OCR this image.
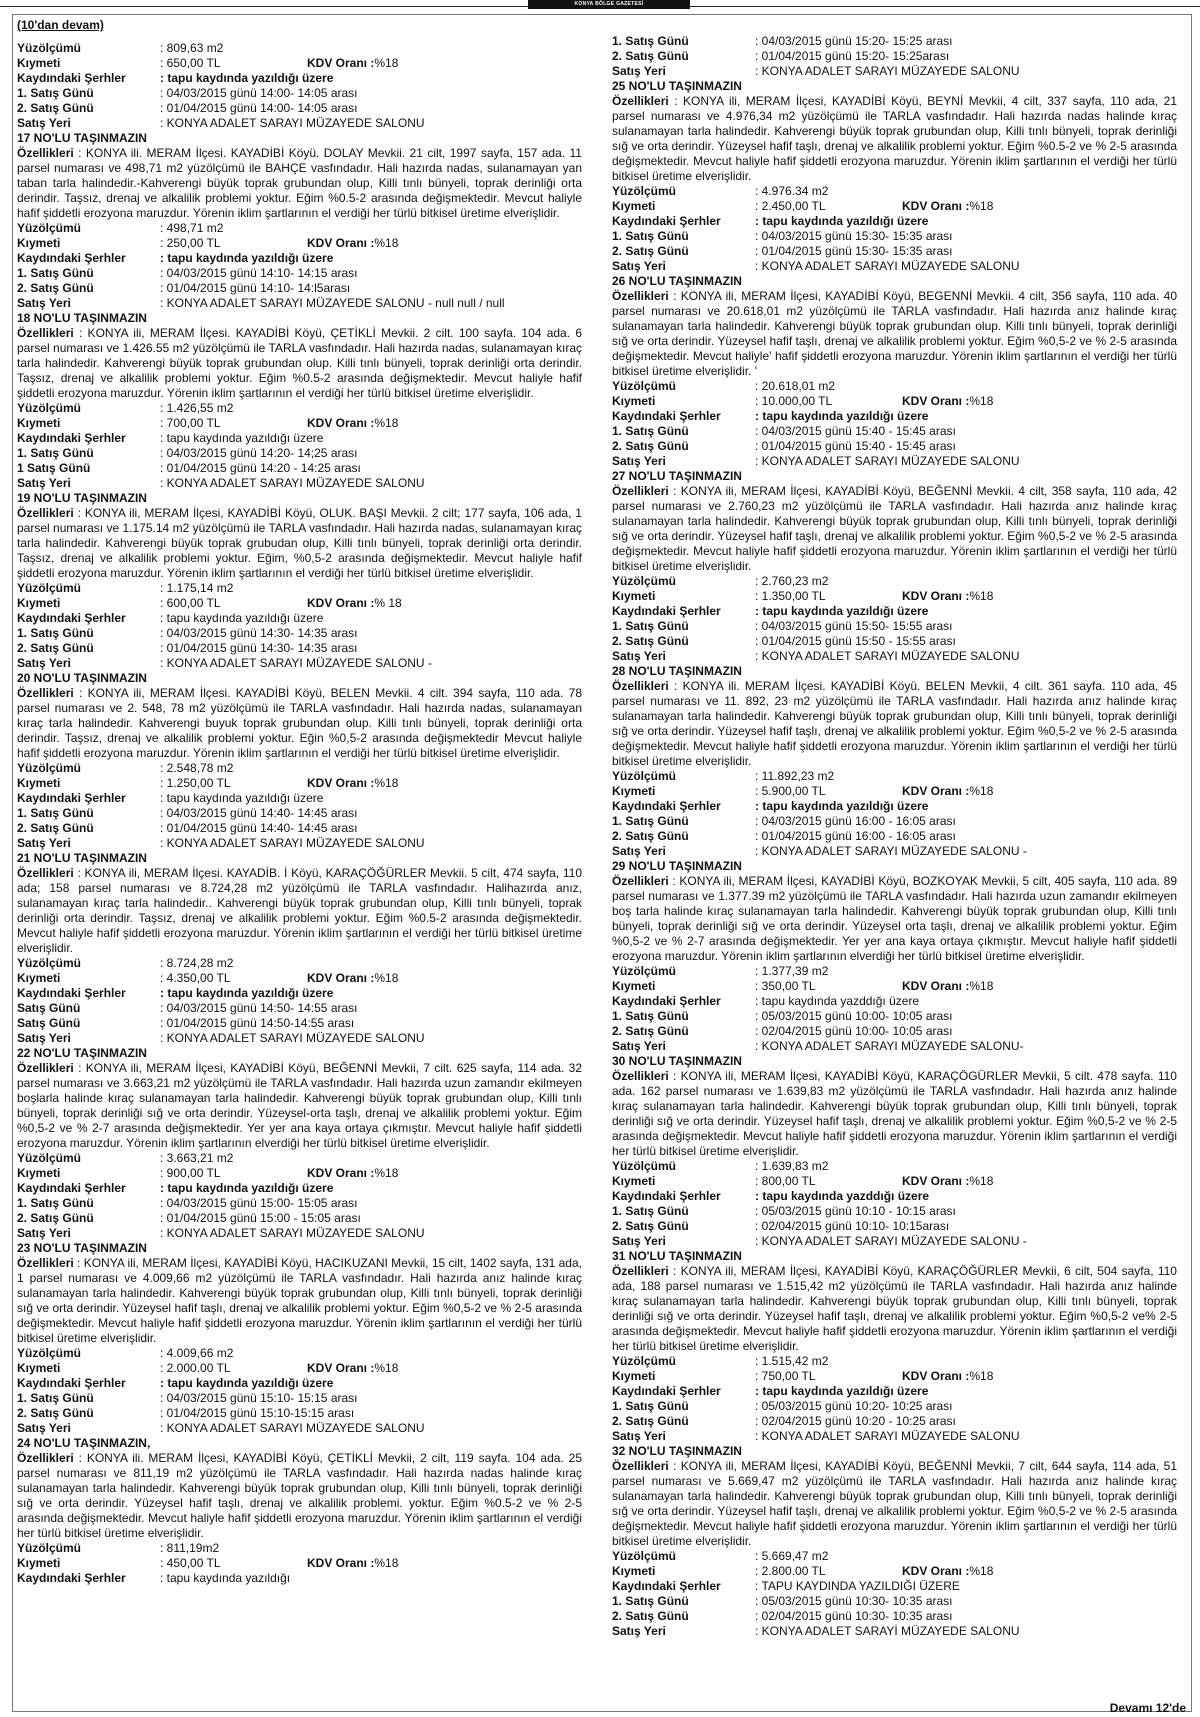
KONYA BÖLGE GAZETESİ
(10'dan devam)
Yüzölçümü	: 809,63 m2
Kıymeti	: 650,00 TL	KDV Oranı : %18
Kaydındaki Şerhler	: tapu kaydında yazıldığı üzere
1. Satış Günü	: 04/03/2015 günü 14:00- 14:05 arası
2. Satış Günü	: 01/04/2015 günü 14:00- 14:05 arası
Satış Yeri	: KONYA ADALET SARAYI MÜZAYEDE SALONU
17 NO'LU TAŞINMAZIN
Özellikleri : KONYA ili. MERAM İlçesi. KAYADİBİ Köyü. DOLAY Mevkii. 21 cilt, 1997 sayfa, 157 ada. 11 parsel numarası ve 498,71 m2 yüzölçümü ile BAHÇE vasfındadır. Hali hazırda nadas, sulanamayan yan taban tarla halindedir.-Kahverengi büyük toprak grubundan olup, Killi tınlı bünyeli, toprak derinliği orta derindir. Taşsız, drenaj ve alkalilik problemi yoktur. Eğim %0.5-2 arasında değişmektedir. Mevcut haliyle hafif şiddetli erozyona maruzdur. Yörenin iklim şartlarının el verdiği her türlü bitkisel üretime elverişlidir.
Yüzölçümü	: 498,71 m2
Kıymeti	: 250,00 TL	KDV Oranı : %18
Kaydındaki Şerhler	: tapu kaydında yazıldığı üzere
1. Satış Günü	: 04/03/2015 günü 14:10- 14:15 arası
2. Satış Günü	: 01/04/2015 günü 14:10- 14:l5arası
Satış Yeri	: KONYA ADALET SARAYI MÜZAYEDE SALONU - null null / null
18 NO'LU TAŞINMAZIN
Özellikleri : KONYA ili, MERAM İlçesi. KAYADİBİ Köyü, ÇETİKLİ Mevkii. 2 cilt. 100 sayfa. 104 ada. 6 parsel numarası ve 1.426.55 m2 yüzölçümü ile TARLA vasfındadır. Hali hazırda nadas, sulanamayan kıraç tarla halindedir. Kahverengi büyük toprak grubundan olup. Killi tınlı bünyeli, toprak derinliği orta derindir. Taşsız, drenaj ve alkalilik problemi yoktur. Eğim %0.5-2 arasında değişmektedir. Mevcut haliyle hafif şiddetli erozyona maruzdur. Yörenin iklim şartlarının el verdiği her türlü bitkisel üretime elverişlidir.
Yüzölçümü	: 1.426,55 m2
Kıymeti	: 700,00 TL	KDV Oranı : %18
Kaydındaki Şerhler	: tapu kaydında yazıldığı üzere
1. Satış Günü	: 04/03/2015 günü 14:20- 14;25 arası
1 Satış Günü	: 01/04/2015 günü 14:20 - 14:25 arası
Satış Yeri	: KONYA ADALET SARAYI MÜZAYEDE SALONU
19 NO'LU TAŞINMAZIN
Özellikleri : KONYA ili, MERAM İlçesi, KAYADİBİ Köyü, OLUK. BAŞI Mevkii. 2 cilt; 177 sayfa, 106 ada, 1 parsel numarası ve 1.175.14 m2 yüzölçümü ile TARLA vasfındadır. Hali hazırda nadas, sulanamayan kıraç tarla halindedir. Kahverengi büyük toprak grubudan olup, Killi tınlı bünyeli, toprak derinliği orta derindir. Taşsız, drenaj ve alkalilik problemi yoktur. Eğim, %0,5-2 arasında değişmektedir. Mevcut haliyle hafif şiddetli erozyona maruzdur. Yörenin iklim şartlarının el verdiği her türlü bitkisel üretime elverişlidir.
Yüzölçümü	: 1.175,14 m2
Kıymeti	: 600,00 TL	KDV Oranı : % 18
Kaydındaki Şerhler	: tapu kaydında yazıldığı üzere
1. Satış Günü	: 04/03/2015 günü 14:30- 14:35 arası
2. Satış Günü	: 01/04/2015 günü 14:30- 14:35 arası
Satış Yeri	: KONYA ADALET SARAYI MÜZAYEDE SALONU -
20 NO'LU TAŞINMAZIN
Özellikleri : KONYA ili, MERAM İlçesi. KAYADİBİ Köyü, BELEN Mevkii. 4 cilt. 394 sayfa, 110 ada. 78 parsel numarası ve 2. 548, 78 m2 yüzölçümü ile TARLA vasfındadır. Hali hazırda nadas, sulanamayan kıraç tarla halindedir. Kahverengi buyuk toprak grubundan olup. Killi tınlı bünyeli, toprak derinliği orta derindir. Taşsız, drenaj ve alkalilik problemi yoktur. Eğin %0,5-2 arasında değişmektedir Mevcut haliyle hafif şiddetli erozyona maruzdur. Yörenin iklim şartlarının el verdiği her türlü bitkisel üretime elverişlidir.
Yüzölçümü	: 2.548,78 m2
Kıymeti	: 1.250,00 TL	KDV Oranı : %18
Kaydındaki Şerhler	: tapu kaydında yazıldığı üzere
1. Satış Günü	: 04/03/2015 günü 14:40- 14:45 arası
2. Satış Günü	: 01/04/2015 günü 14:40- 14:45 arası
Satış Yeri	: KONYA ADALET SARAYI MÜZAYEDE SALONU
21 NO'LU TAŞINMAZIN
Özellikleri : KONYA ili, MERAM İlçesi. KAYADİB. İ Köyü, KARAÇÖĞÜRLER Mevkii. 5 cilt, 474 sayfa, 110 ada; 158 parsel numarası ve 8.724,28 m2 yüzölçümü ile TARLA vasfındadır. Halihazırda anız, sulanamayan kıraç tarla halindedir.. Kahverengi büyük toprak grubundan olup, Killi tınlı bünyeli, toprak derinliği orta derindir. Taşsız, drenaj ve alkalilik problemi yoktur. Eğim %0.5-2 arasında değişmektedir. Mevcut haliyle hafif şiddetli erozyona maruzdur. Yörenin iklim şartlarının el verdiği her türlü bitkisel üretime elverişlidir.
Yüzölçümü	: 8.724,28 m2
Kıymeti	: 4.350,00 TL	KDV Oranı : %18
Kaydındaki Şerhler	: tapu kaydında yazıldığı üzere
Satış Günü	: 04/03/2015 günü 14:50- 14:55 arası
Satış Günü	: 01/04/2015 günü 14:50-14:55 arası
Satış Yeri	: KONYA ADALET SARAYI MÜZAYEDE SALONU
22 NO'LU TAŞINMAZIN
Özellikleri : KONYA ili, MERAM İlçesi, KAYADİBİ Köyü, BEĞENNİ Mevkii, 7 cilt. 625 sayfa, 114 ada. 32 parsel numarası ve 3.663,21 m2 yüzölçümü ile TARLA vasfındadır. Hali hazırda uzun zamandır ekilmeyen boşlarla halinde kıraç sulanamayan tarla halindedir. Kahverengi büyük toprak grubundan olup, Killi tınlı bünyeli, toprak derinliği sığ ve orta derindir. Yüzeysel-orta taşlı, drenaj ve alkalilik problemi yoktur. Eğim %0,5-2 ve % 2-7 arasında değişmektedir. Yer yer ana kaya ortaya çıkmıştır. Mevcut haliyle hafif şiddetli erozyona maruzdur. Yörenin iklim şartlarının elverdiği her türlü bitkisel üretime elverişlidir.
Yüzölçümü	: 3.663,21 m2
Kıymeti	: 900,00 TL	KDV Oranı : %18
Kaydındaki Şerhler	: tapu kaydında yazıldığı üzere
1. Satış Günü	: 04/03/2015 günü 15:00- 15:05 arası
2. Satış Günü	: 01/04/2015 günü 15:00 - 15:05 arası
Satış Yeri	: KONYA ADALET SARAYI MÜZAYEDE SALONU
23 NO'LU TAŞINMAZIN
Özellikleri : KONYA ili, MERAM İlçesi, KAYADİBİ Köyü, HACIKUZANI Mevkii, 15 cilt, 1402 sayfa, 131 ada, 1 parsel numarası ve 4.009,66 m2 yüzölçümü ile TARLA vasfındadır. Hali hazırda anız halinde kıraç sulanamayan tarla halindedir. Kahverengi büyük toprak grubundan olup, Killi tınlı bünyeli, toprak derinliği sığ ve orta derindir. Yüzeysel hafif taşlı, drenaj ve alkalilik problemi yoktur. Eğim %0,5-2 ve % 2-5 arasında değişmektedir. Mevcut haliyle hafif şiddetli erozyona maruzdur. Yörenin iklim şartlarının el verdiği her türlü bitkisel üretime elverişlidir.
Yüzölçümü	: 4.009,66 m2
Kıymeti	: 2.000.00 TL	KDV Oranı : %18
Kaydındaki Şerhler	: tapu kaydında yazıldığı üzere
1. Satış Günü	: 04/03/2015 günü 15:10- 15:15 arası
2. Satış Günü	: 01/04/2015 günü 15:10-15:15 arası
Satış Yeri	: KONYA ADALET SARAYI MÜZAYEDE SALONU
24 NO'LU TAŞINMAZIN,
Özellikleri : KONYA ili. MERAM İlçesi, KAYADİBİ Köyü, ÇETİKLİ Mevkii, 2 cilt, 119 sayfa. 104 ada. 25 parsel numarası ve 811,19 m2 yüzölçümü ile TARLA vasfındadır. Hali hazırda nadas halinde kıraç sulanamayan tarla halindedir. Kahverengi büyük toprak grubundan olup, Killi tınlı bünyeli, toprak derinliği sığ ve orta derindir. Yüzeysel hafif taşlı, drenaj ve alkalilik problemi. yoktur. Eğim %0.5-2 ve % 2-5 arasında değişmektedir. Mevcut haliyle hafif şiddetli erozyona maruzdur. Yörenin iklim şartlarının el verdiği her türlü bitkisel üretime elverişlidir.
Yüzölçümü	: 811,19m2
Kıymeti	: 450,00 TL	KDV Oranı : %18
Kaydındaki Şerhler	: tapu kaydında yazıldığı
1. Satış Günü	: 04/03/2015 günü 15:20- 15:25 arası
2. Satış Günü	: 01/04/2015 günü 15:20- 15:25arası
Satış Yeri	: KONYA ADALET SARAYI MÜZAYEDE SALONU
25 NO'LU TAŞINMAZIN
Özellikleri : KONYA ili, MERAM İlçesi, KAYADİBİ Köyü, BEYNİ Mevkii, 4 cilt, 337 sayfa, 110 ada, 21 parsel numarası ve 4.976,34 m2 yüzölçümü ile TARLA vasfındadır. Hali hazırda nadas halinde kıraç sulanamayan tarla halindedir. Kahverengi büyük toprak grubundan olup, Killi tınlı bünyeli, toprak derinliği sığ ve orta derindir. Yüzeysel hafif taşlı, drenaj ve alkalilik problemi yoktur. Eğim %0.5-2 ve % 2-5 arasında değişmektedir. Mevcut haliyle hafif şiddetli erozyona maruzdur. Yörenin iklim şartlarının el verdiği her türlü bitkisel üretime elverişlidir.
Yüzölçümü	: 4.976.34 m2
Kıymeti	: 2.450,00 TL	KDV Oranı : %18
Kaydındaki Şerhler	: tapu kaydında yazıldığı üzere
1. Satış Günü	: 04/03/2015 günü 15:30- 15:35 arası
2. Satış Günü	: 01/04/2015 günü 15:30- 15:35 arası
Satış Yeri	: KONYA ADALET SARAYI MÜZAYEDE SALONU
26 NO'LU TAŞINMAZIN
Özellikleri : KONYA ili, MERAM İlçesi, KAYADİBİ Köyü, BEGENNİ Mevkii. 4 cilt, 356 sayfa, 110 ada. 40 parsel numarası ve 20.618,01 m2 yüzölçümü ile TARLA vasfındadır. Hali hazırda anız halinde kıraç sulanamayan tarla halindedir. Kahverengi büyük toprak grubundan olup. Killi tınlı bünyeli, toprak derinliği sığ ve orta derindir. Yüzeysel hafif taşlı, drenaj ve alkalilik problemi yoktur. Eğim %0,5-2 ve % 2-5 arasında değişmektedir. Mevcut haliyle' hafif şiddetli erozyona maruzdur. Yörenin iklim şartlarının el verdiği her türlü bitkisel üretime elverişlidir. '
Yüzölçümü	: 20.618,01 m2
Kıymeti	: 10.000,00 TL	KDV Oranı : %18
Kaydındaki Şerhler	: tapu kaydında yazıldığı üzere
1. Satış Günü	: 04/03/2015 günü 15:40 - 15:45 arası
2. Satış Günü	: 01/04/2015 günü 15:40 - 15:45 arası
Satış Yeri	: KONYA ADALET SARAYI MÜZAYEDE SALONU
27 NO'LU TAŞINMAZIN
Özellikleri : KONYA ili, MERAM İlçesi, KAYADİBİ Köyü, BEĞENNİ Mevkii. 4 cilt, 358 sayfa, 110 ada, 42 parsel numarası ve 2.760,23 m2 yüzölçümü ile TARLA vasfındadır. Hali hazırda anız halinde kıraç sulanamayan tarla halindedir. Kahverengi büyük toprak grubundan olup, Killi tınlı bünyeli, toprak derinliği sığ ve orta derindir. Yüzeysel hafif taşlı, drenaj ve alkalilik problemi yoktur. Eğim %0,5-2 ve % 2-5 arasında değişmektedir. Mevcut haliyle hafif şiddetli erozyona maruzdur. Yörenin iklim şartlarının el verdiği her türlü bitkisel üretime elverişlidir.
Yüzölçümü	: 2.760,23 m2
Kıymeti	: 1.350,00 TL	KDV Oranı : %18
Kaydındaki Şerhler	: tapu kaydında yazıldığı üzere
1. Satış Günü	: 04/03/2015 günü 15:50- 15:55 arası
2. Satış Günü	: 01/04/2015 günü 15:50 - 15:55 arası
Satış Yeri	: KONYA ADALET SARAYI MÜZAYEDE SALONU
28 NO'LU TAŞINMAZIN
Özellikleri : KONYA ili. MERAM İlçesi. KAYADİBİ Köyü. BELEN Mevkii, 4 cilt. 361 sayfa. 110 ada, 45 parsel numarası ve 11. 892, 23 m2 yüzölçümü ile TARLA vasfındadır. Hali hazırda anız halinde kıraç sulanamayan tarla halindedir. Kahverengi büyük toprak grubundan olup, Killi tınlı bünyeli, toprak derinliği sığ ve orta derindir. Yüzeysel hafif taşlı, drenaj ve alkalilik problemi yoktur. Eğim %0,5-2 ve % 2-5 arasında değişmektedir. Mevcut haliyle hafif şiddetli erozyona maruzdur. Yörenin iklim şartlarının el verdiği her türlü bitkisel üretime elverişlidir.
Yüzölçümü	: 11.892,23 m2
Kıymeti	: 5.900,00 TL	KDV Oranı : %18
Kaydındaki Şerhler	: tapu kaydında yazıldığı üzere
1. Satış Günü	: 04/03/2015 günü 16:00 - 16:05 arası
2. Satış Günü	: 01/04/2015 günü 16:00 - 16:05 arası
Satış Yeri	: KONYA ADALET SARAYI MÜZAYEDE SALONU -
29 NO'LU TAŞINMAZIN
Özellikleri : KONYA ili, MERAM İlçesi, KAYADİBİ Köyü, BOZKOYAK Mevkii, 5 cilt, 405 sayfa, 110 ada. 89 parsel numarası ve 1.377.39 m2 yüzölçümü ile TARLA vasfındadır. Hali hazırda uzun zamandır ekilmeyen boş tarla halinde kıraç sulanamayan tarla halindedir. Kahverengi büyük toprak grubundan olup, Killi tınlı bünyeli, toprak derinliği sığ ve orta derindir. Yüzeysel orta taşlı, drenaj ve alkalilik problemi yoktur. Eğim %0,5-2 ve % 2-7 arasında değişmektedir. Yer yer ana kaya ortaya çıkmıştır. Mevcut haliyle hafif şiddetli erozyona maruzdur. Yörenin iklim şartlarının elverdiği her türlü bitkisel üretime elverişlidir.
Yüzölçümü	: 1.377,39 m2
Kıymeti	: 350,00 TL	KDV Oranı : %18
Kaydındaki Şerhler	: tapu kaydında yazddığı üzere
1. Satış Günü	: 05/03/2015 günü 10:00- 10:05 arası
2. Satış Günü	: 02/04/2015 günü 10:00- 10:05 arası
Satış Yeri	: KONYA ADALET SARAYI MÜZAYEDE SALONU-
30 NO'LU TAŞINMAZIN
Özellikleri : KONYA ili, MERAM İlçesi, KAYADİBİ Köyü, KARAÇÖGÜRLER Mevkii, 5 cilt. 478 sayfa. 110 ada. 162 parsel numarası ve 1.639,83 m2 yüzölçümü ile TARLA vasfındadır. Hali hazırda anız halinde kıraç sulanamayan tarla halindedir. Kahverengi büyük toprak grubundan olup, Killi tınlı bünyeli, toprak derinliği sığ ve orta derindir. Yüzeysel hafif taşlı, drenaj ve alkalilik problemi yoktur. Eğim %0,5-2 ve % 2-5 arasında değişmektedir. Mevcut haliyle hafif şiddetli erozyona maruzdur. Yörenin iklim şartlarının el verdiği her türlü bitkisel üretime elverişlidir.
Yüzölçümü	: 1.639,83 m2
Kıymeti	: 800,00 TL	KDV Oranı : %18
Kaydındaki Şerhler	: tapu kaydında yazddığı üzere
1. Satış Günü	: 05/03/2015 günü 10:10 - 10:15 arası
2. Satış Günü	: 02/04/2015 günü 10:10- 10:15arası
Satış Yeri	: KONYA ADALET SARAYI MÜZAYEDE SALONU -
31 NO'LU TAŞINMAZIN
Özellikleri : KONYA ili, MERAM İlçesi, KAYADİBİ Köyü, KARAÇÖĞÜRLER Mevkii, 6 cilt, 504 sayfa, 110 ada, 188 parsel numarası ve 1.515,42 m2 yüzölçümü ile TARLA vasfındadır. Hali hazırda anız halinde kıraç sulanamayan tarla halindedir. Kahverengi büyük toprak grubundan olup, Killi tınlı bünyeli, toprak derinliği sığ ve orta derindir. Yüzeysel hafif taşlı, drenaj ve alkalilik problemi yoktur. Eğim %0,5-2 ve% 2-5 arasında değişmektedir. Mevcut haliyle hafif şiddetli erozyona maruzdur. Yörenin iklim şartlarının el verdiği her türlü bitkisel üretime elverişlidir.
Yüzölçümü	: 1.515,42 m2
Kıymeti	: 750,00 TL	KDV Oranı : %18
Kaydındaki Şerhler	: tapu kaydında yazıldığı üzere
1. Satış Günü	: 05/03/2015 günü 10:20- 10:25 arası
2. Satış Günü	: 02/04/2015 günü 10:20 - 10:25 arası
Satış Yeri	: KONYA ADALET SARAYI MÜZAYEDE SALONU
32 NO'LU TAŞINMAZIN
Özellikleri : KONYA ili, MERAM İlçesi, KAYADİBİ Köyü, BEĞENNİ Mevkii, 7 cilt, 644 sayfa, 114 ada, 51 parsel numarası ve 5.669,47 m2 yüzölçümü ile TARLA vasfındadır. Hali hazırda anız halinde kıraç sulanamayan tarla halindedir. Kahverengi büyük toprak grubundan olup, Killi tınlı bünyeli, toprak derinliği sığ ve orta derindir. Yüzeysel hafif taşlı, drenaj ve alkalilik problemi yoktur. Eğim %0,5-2 ve % 2-5 arasında değişmektedir. Mevcut haliyle hafif şiddetli erozyona maruzdur. Yörenin iklim şartlarının el verdiği her türlü bitkisel üretime elverişlidir.
Yüzölçümü	: 5.669,47 m2
Kıymeti	: 2.800.00 TL	KDV Oranı : %18
Kaydındaki Şerhler	: TAPU KAYDINDA YAZILDIĞI ÜZERE
1. Satış Günü	: 05/03/2015 günü 10:30- 10:35 arası
2. Satış Günü	: 02/04/2015 günü 10:30- 10:35 arası
Satış Yeri	: KONYA ADALET SARAYİ MÜZAYEDE SALONU
Devamı 12'de
